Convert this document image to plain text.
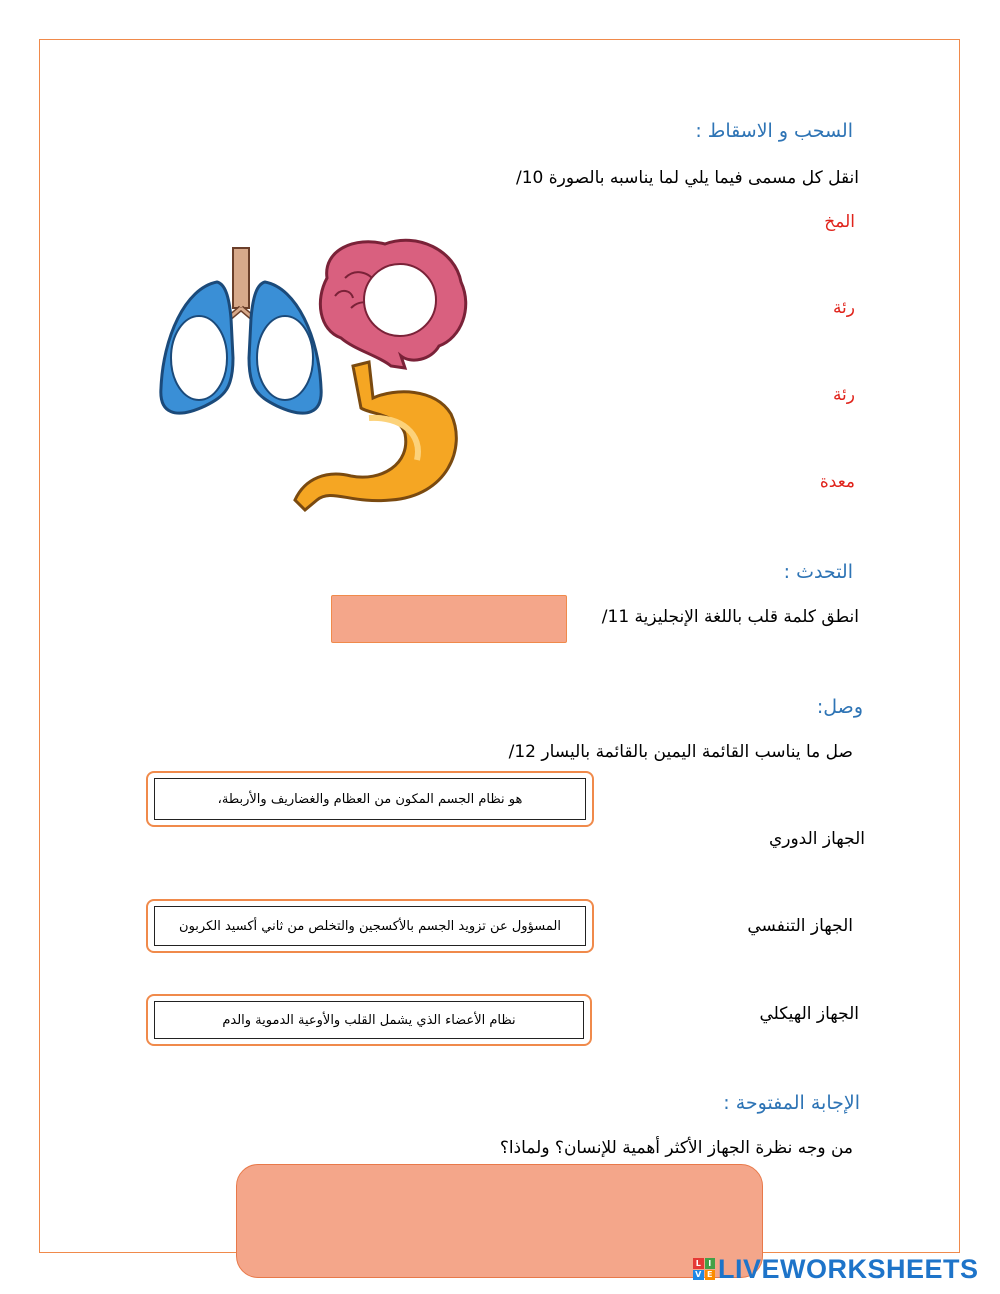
السحب و الاسقاط :
انقل كل مسمى فيما يلي لما يناسبه بالصورة 10/
المخ
رئة
رئة
معدة
التحدث :
انطق كلمة قلب باللغة الإنجليزية 11/
وصل:
صل ما يناسب القائمة اليمين بالقائمة باليسار 12/
هو نظام الجسم المكون من العظام والغضاريف والأربطة،
الجهاز الدوري
المسؤول عن تزويد الجسم بالأكسجين والتخلص من ثاني أكسيد الكربون	الجهاز التنفسي
نظام الأعضاء الذي يشمل القلب والأوعية الدموية والدم	الجهاز الهيكلي
الإجابة المفتوحة :
من وجه نظرة الجهاز الأكثر أهمية للإنسان؟ ولماذا؟
L I
V E LIVEWORKSHEETS
